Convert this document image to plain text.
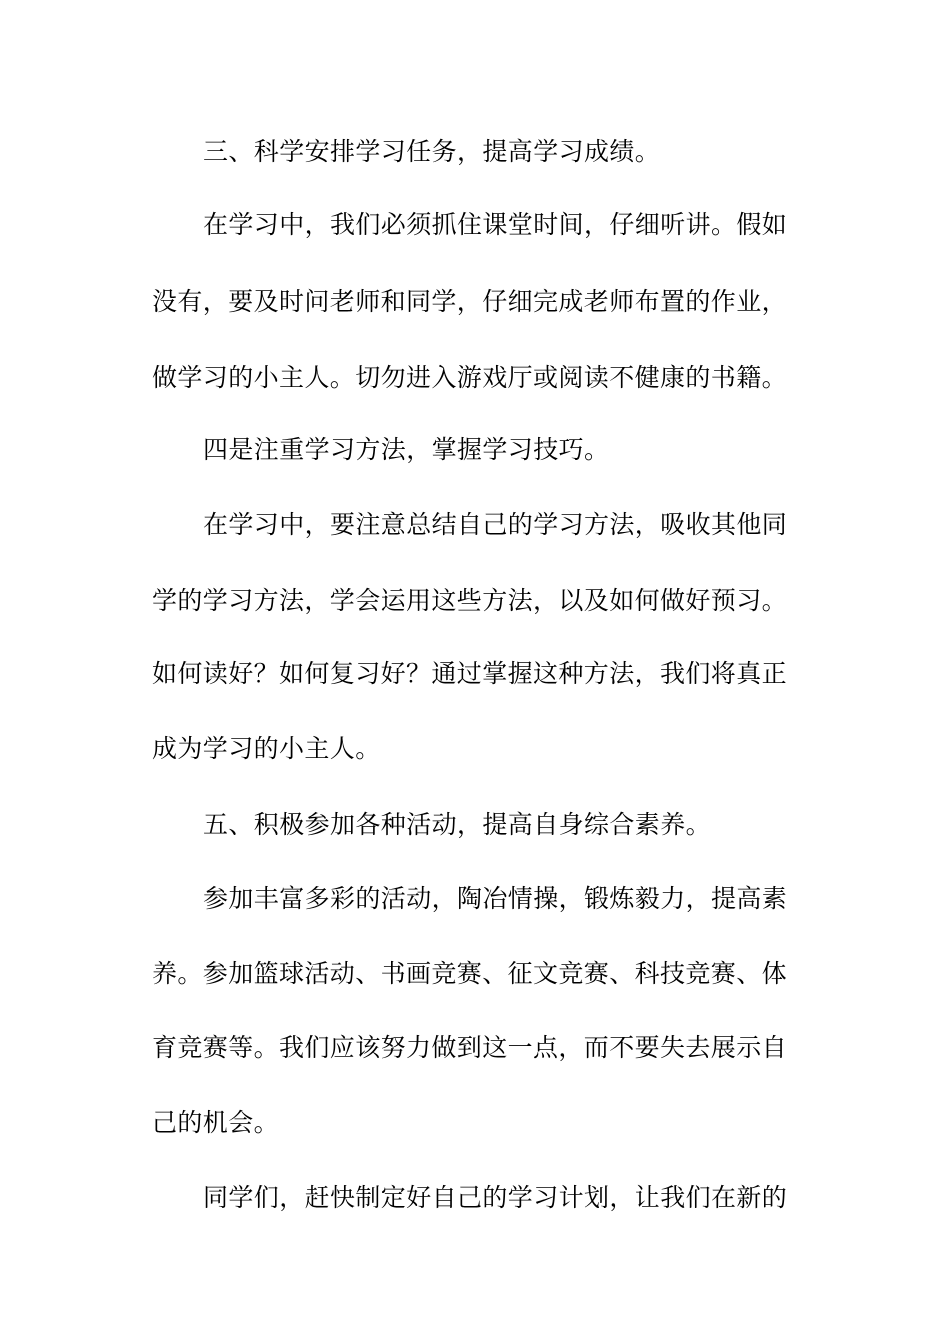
三、科学安排学习任务，提高学习成绩。
在学习中，我们必须抓住课堂时间，仔细听讲。假如
没有，要及时问老师和同学，仔细完成老师布置的作业，
做学习的小主人。切勿进入游戏厅或阅读不健康的书籍。
四是注重学习方法，掌握学习技巧。
在学习中，要注意总结自己的学习方法，吸收其他同
学的学习方法，学会运用这些方法，以及如何做好预习。
如何读好？如何复习好？通过掌握这种方法，我们将真正
成为学习的小主人。
五、积极参加各种活动，提高自身综合素养。
参加丰富多彩的活动，陶冶情操，锻炼毅力，提高素
养。参加篮球活动、书画竞赛、征文竞赛、科技竞赛、体
育竞赛等。我们应该努力做到这一点，而不要失去展示自
己的机会。
同学们，赶快制定好自己的学习计划，让我们在新的
